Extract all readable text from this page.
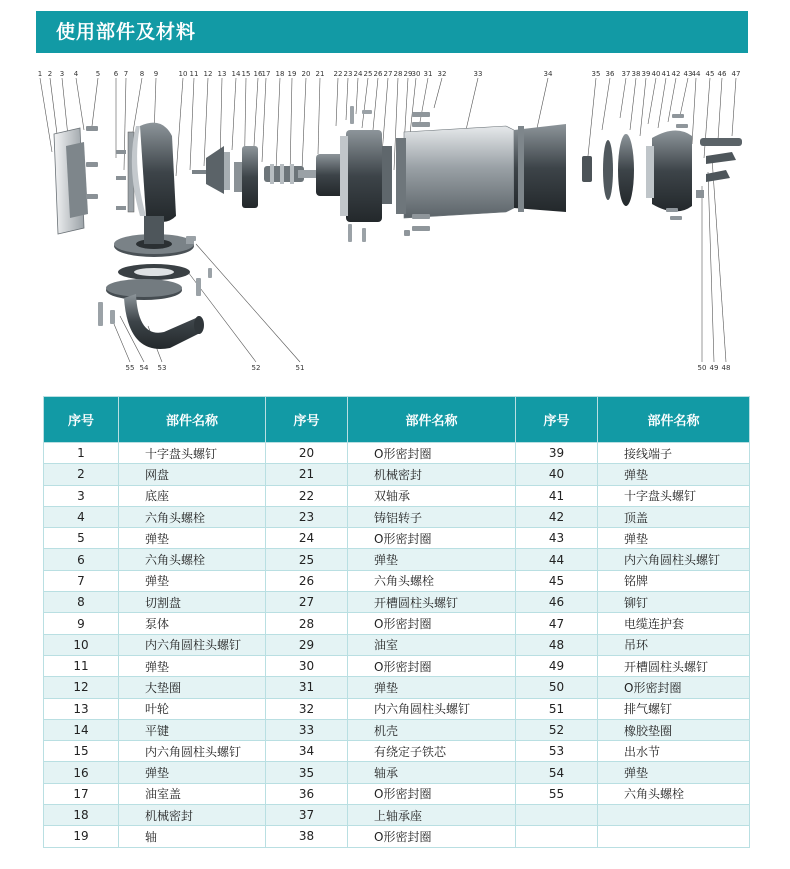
使用部件及材料
1 2 3 4	5 6 7 8 9	10 11 12 13 14 15 16 17 18 19 20 21 22 23 24 25 26 27 28 29 30 31 32	33	34	35 36 37 38 39 40 41 42 43 44 45 46 47
55 54 53	52	51	50 49 48
序号	部件名称	序号	部件名称	序号	部件名称
1	十字盘头螺钉	20	O形密封圈	39	接线端子
2	网盘	21	机械密封	40	弹垫
3	底座	22	双轴承	41	十字盘头螺钉
4	六角头螺栓	23	铸铝转子	42	顶盖
5	弹垫	24	O形密封圈	43	弹垫
6	六角头螺栓	25	弹垫	44	内六角圆柱头螺钉
7	弹垫	26	六角头螺栓	45	铭牌
8	切割盘	27	开槽圆柱头螺钉	46	铆钉
9	泵体	28	O形密封圈	47	电缆连护套
10	内六角圆柱头螺钉	29	油室	48	吊环
11	弹垫	30	O形密封圈	49	开槽圆柱头螺钉
12	大垫圈	31	弹垫	50	O形密封圈
13	叶轮	32	内六角圆柱头螺钉	51	排气螺钉
14	平键	33	机壳	52	橡胶垫圈
15	内六角圆柱头螺钉	34	有绕定子铁芯	53	出水节
16	弹垫	35	轴承	54	弹垫
17	油室盖	36	O形密封圈	55	六角头螺栓
18	机械密封	37	上轴承座		
19	轴	38	O形密封圈		
